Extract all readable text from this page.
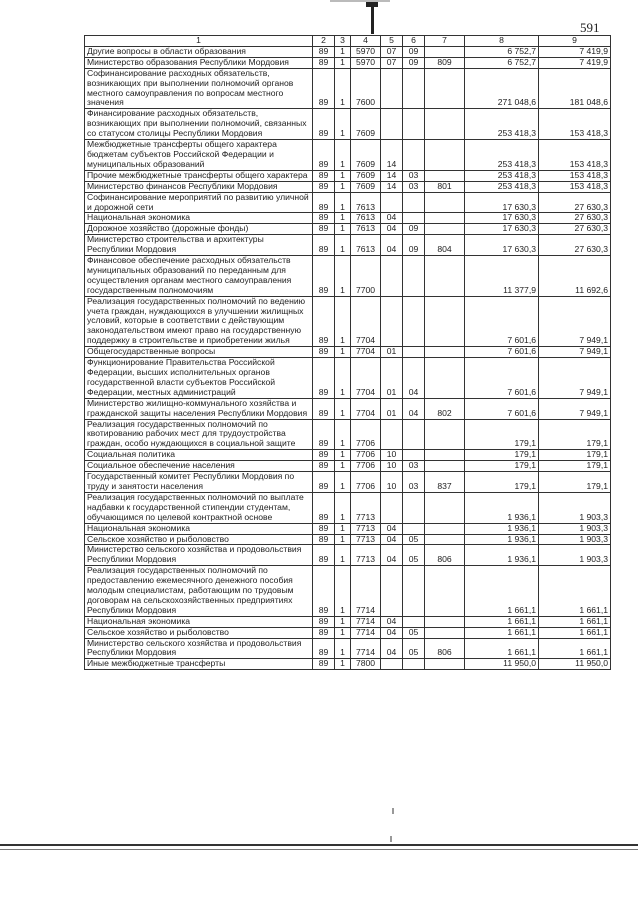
591
1	2	3	4	5	6	7	8	9
Другие вопросы в области образования	89	1	5970	07	09		6 752,7	7 419,9
Министерство образования Республики Мордовия	89	1	5970	07	09	809	6 752,7	7 419,9
Софинансирование расходных обязательств, возникающих при выполнении полномочий органов местного самоуправления по вопросам местного значения	89	1	7600				271 048,6	181 048,6
Финансирование расходных обязательств, возникающих при выполнении полномочий, связанных со статусом столицы Республики Мордовия	89	1	7609				253 418,3	153 418,3
Межбюджетные трансферты общего характера бюджетам субъектов Российской Федерации и муниципальных образований	89	1	7609	14			253 418,3	153 418,3
Прочие межбюджетные трансферты общего характера	89	1	7609	14	03		253 418,3	153 418,3
Министерство финансов Республики Мордовия	89	1	7609	14	03	801	253 418,3	153 418,3
Софинансирование мероприятий по развитию уличной и дорожной сети	89	1	7613				17 630,3	27 630,3
Национальная экономика	89	1	7613	04			17 630,3	27 630,3
Дорожное хозяйство (дорожные фонды)	89	1	7613	04	09		17 630,3	27 630,3
Министерство строительства и архитектуры Республики Мордовия	89	1	7613	04	09	804	17 630,3	27 630,3
Финансовое обеспечение расходных обязательств муниципальных образований по переданным для осуществления органам местного самоуправления государственным полномочиям	89	1	7700				11 377,9	11 692,6
Реализация государственных полномочий по ведению учета граждан, нуждающихся в улучшении жилищных условий, которые в соответствии с действующим законодательством имеют право на государственную поддержку в строительстве и приобретении жилья	89	1	7704				7 601,6	7 949,1
Общегосударственные вопросы	89	1	7704	01			7 601,6	7 949,1
Функционирование Правительства Российской Федерации, высших исполнительных органов государственной власти субъектов Российской Федерации, местных администраций	89	1	7704	01	04		7 601,6	7 949,1
Министерство жилищно-коммунального хозяйства и гражданской защиты населения Республики Мордовия	89	1	7704	01	04	802	7 601,6	7 949,1
Реализация государственных полномочий по квотированию рабочих мест для трудоустройства граждан, особо нуждающихся в социальной защите	89	1	7706				179,1	179,1
Социальная политика	89	1	7706	10			179,1	179,1
Социальное обеспечение населения	89	1	7706	10	03		179,1	179,1
Государственный комитет Республики Мордовия по труду и занятости населения	89	1	7706	10	03	837	179,1	179,1
Реализация государственных полномочий по выплате надбавки к государственной стипендии студентам, обучающимся по целевой контрактной основе	89	1	7713				1 936,1	1 903,3
Национальная экономика	89	1	7713	04			1 936,1	1 903,3
Сельское хозяйство и рыболовство	89	1	7713	04	05		1 936,1	1 903,3
Министерство сельского хозяйства и продовольствия Республики Мордовия	89	1	7713	04	05	806	1 936,1	1 903,3
Реализация государственных полномочий по предоставлению ежемесячного денежного пособия молодым специалистам, работающим по трудовым договорам на сельскохозяйственных предприятиях Республики Мордовия	89	1	7714				1 661,1	1 661,1
Национальная экономика	89	1	7714	04			1 661,1	1 661,1
Сельское хозяйство и рыболовство	89	1	7714	04	05		1 661,1	1 661,1
Министерство сельского хозяйства и продовольствия Республики Мордовия	89	1	7714	04	05	806	1 661,1	1 661,1
Иные межбюджетные трансферты	89	1	7800				11 950,0	11 950,0
